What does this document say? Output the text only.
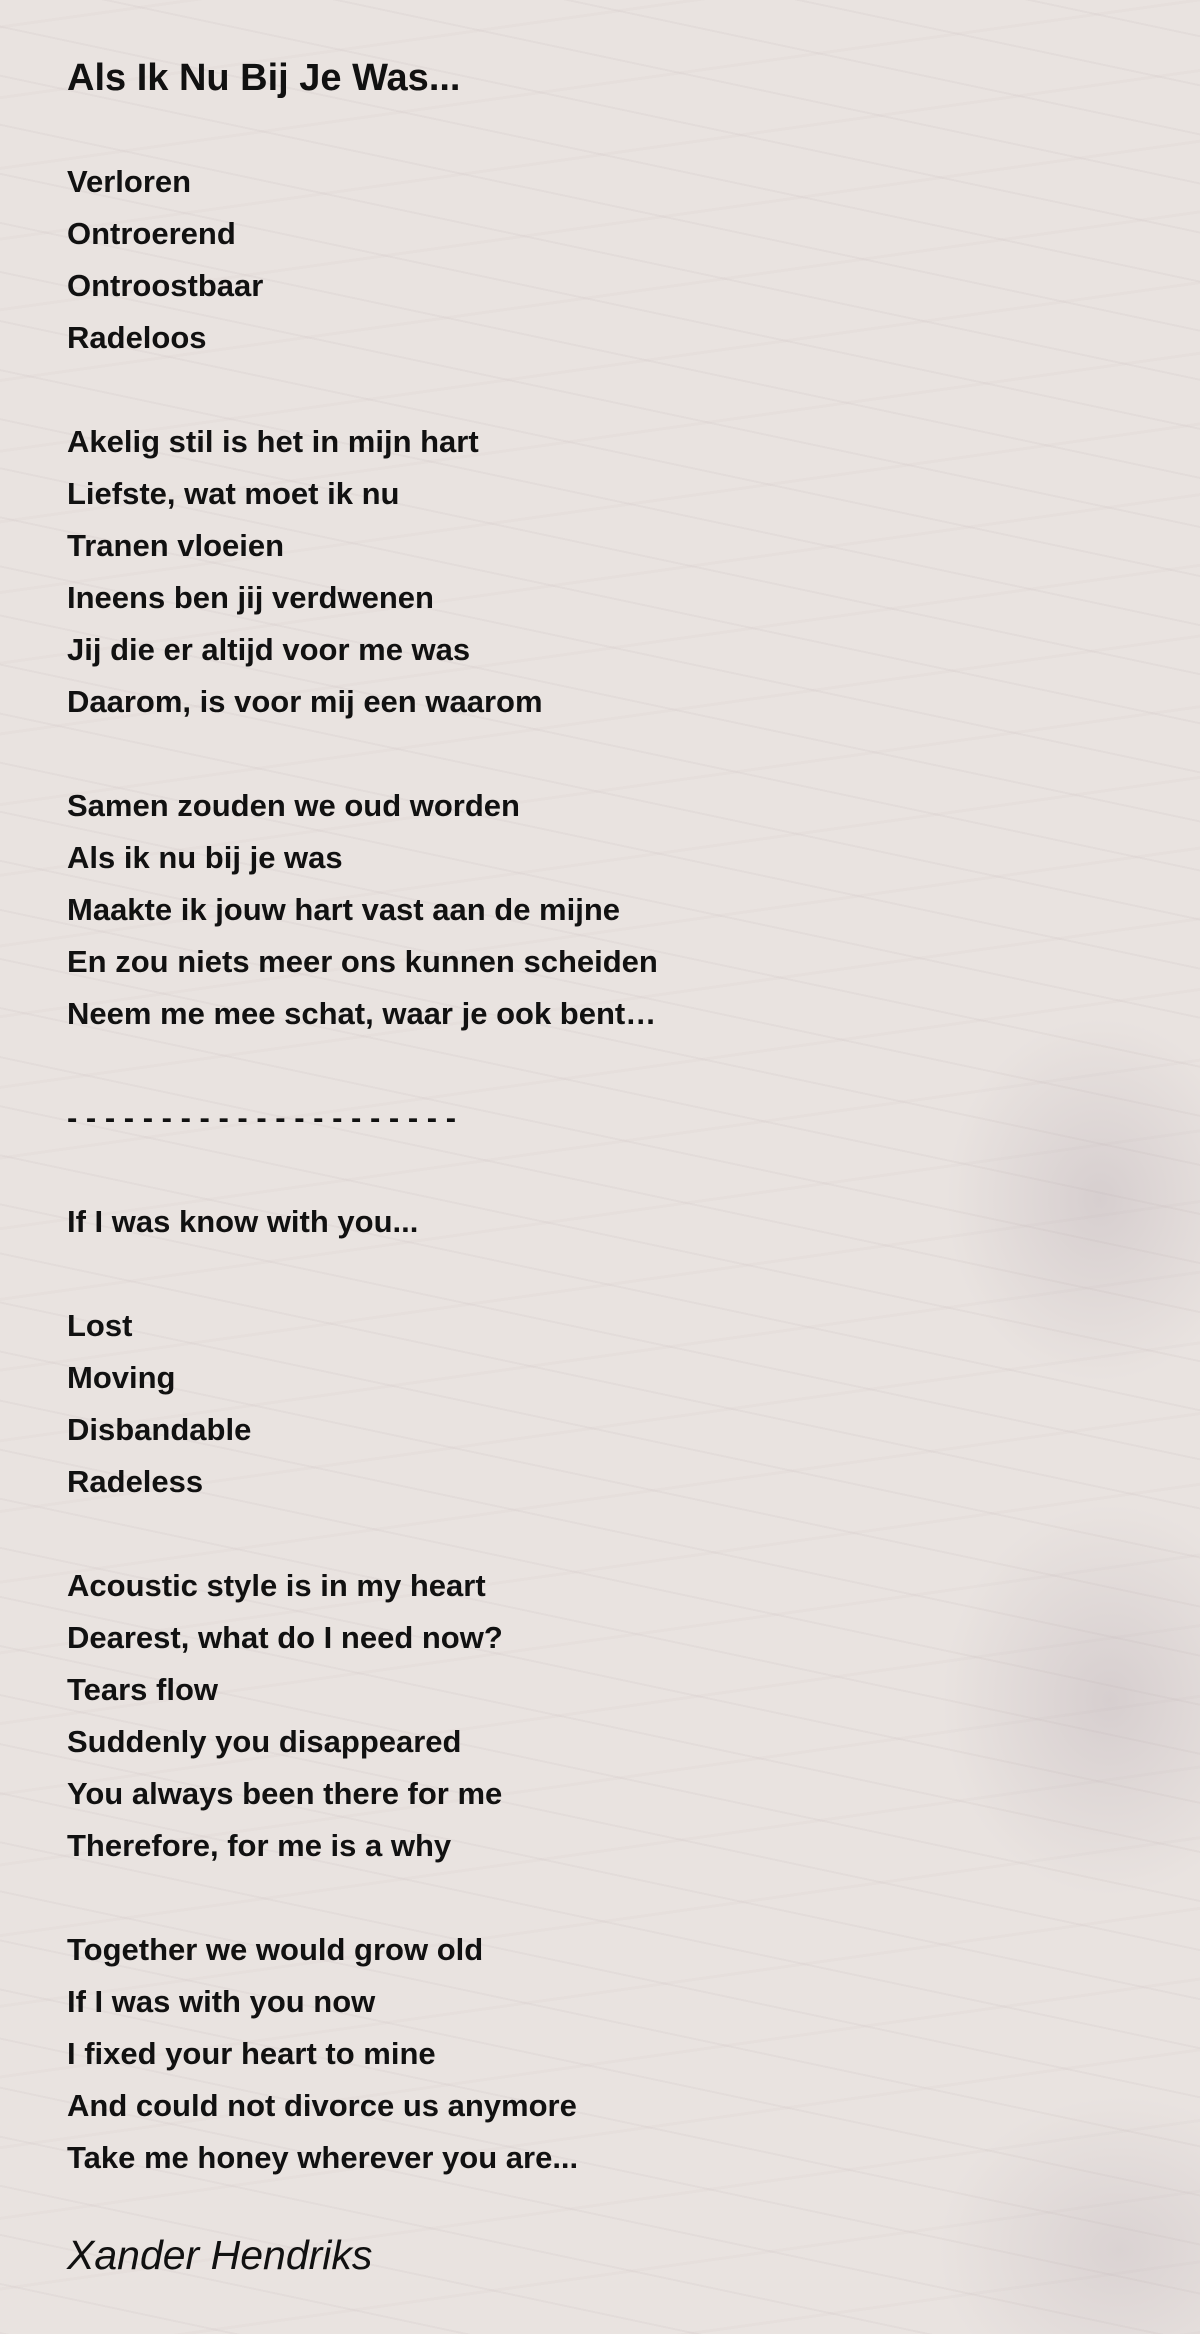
Als Ik Nu Bij Je Was...
Verloren
Ontroerend
Ontroostbaar
Radeloos
Akelig stil is het in mijn hart
Liefste, wat moet ik nu
Tranen vloeien
Ineens ben jij verdwenen
Jij die er altijd voor me was
Daarom, is voor mij een waarom
Samen zouden we oud worden
Als ik nu bij je was
Maakte ik jouw hart vast aan de mijne
En zou niets meer ons kunnen scheiden
Neem me mee schat, waar je ook bent…
- - - - - - - - - - - - - - - - - - - - -
If I was know with you...
Lost
Moving
Disbandable
Radeless
Acoustic style is in my heart
Dearest, what do I need now?
Tears flow
Suddenly you disappeared
You always been there for me
Therefore, for me is a why
Together we would grow old
If I was with you now
I fixed your heart to mine
And could not divorce us anymore
Take me honey wherever you are...
Xander Hendriks
